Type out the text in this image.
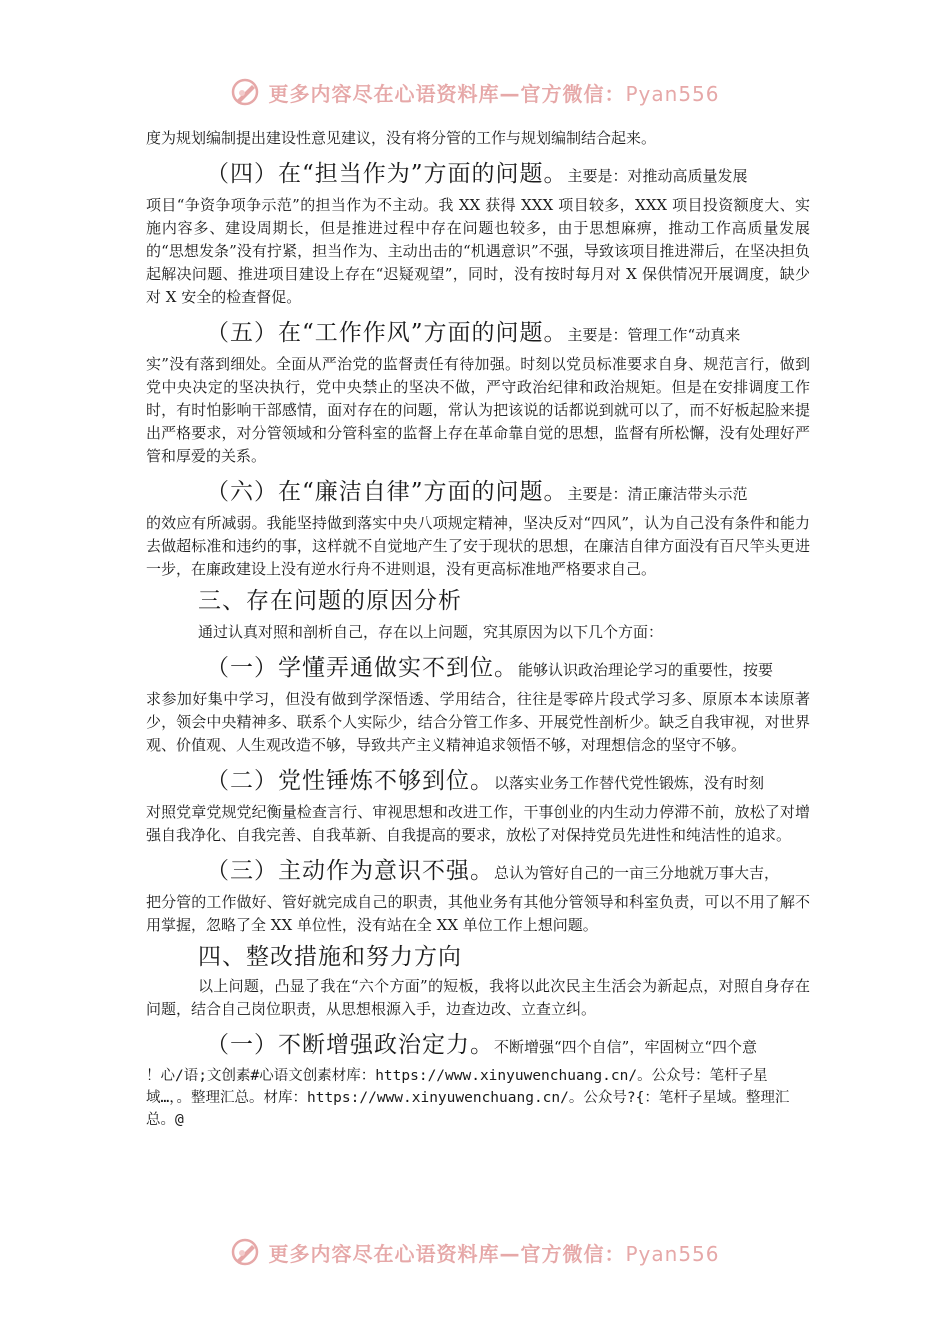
更多内容尽在心语资料库—官方微信：Pyan556

度为规划编制提出建设性意见建议，没有将分管的工作与规划编制结合起来。

（四）在“担当作为”方面的问题。主要是：对推动高质量发展

项目“争资争项争示范”的担当作为不主动。我 XX 获得 XXX 项目较多，XXX 项目投资额度大、实施内容多、建设周期长，但是推进过程中存在问题也较多，由于思想麻痹，推动工作高质量发展的“思想发条”没有拧紧，担当作为、主动出击的“机遇意识”不强，导致该项目推进滞后，在坚决担负起解决问题、推进项目建设上存在“迟疑观望”，同时，没有按时每月对 X 保供情况开展调度，缺少对 X 安全的检查督促。

（五）在“工作作风”方面的问题。主要是：管理工作“动真来

实”没有落到细处。全面从严治党的监督责任有待加强。时刻以党员标准要求自身、规范言行，做到党中央决定的坚决执行，党中央禁止的坚决不做，严守政治纪律和政治规矩。但是在安排调度工作时，有时怕影响干部感情，面对存在的问题，常认为把该说的话都说到就可以了，而不好板起脸来提出严格要求，对分管领域和分管科室的监督上存在革命靠自觉的思想，监督有所松懈，没有处理好严管和厚爱的关系。

（六）在“廉洁自律”方面的问题。主要是：清正廉洁带头示范

的效应有所减弱。我能坚持做到落实中央八项规定精神，坚决反对“四风”，认为自己没有条件和能力去做超标准和违约的事，这样就不自觉地产生了安于现状的思想，在廉洁自律方面没有百尺竿头更进一步，在廉政建设上没有逆水行舟不进则退，没有更高标准地严格要求自己。

三、存在问题的原因分析

通过认真对照和剖析自己，存在以上问题，究其原因为以下几个方面：

（一）学懂弄通做实不到位。能够认识政治理论学习的重要性，按要

求参加好集中学习，但没有做到学深悟透、学用结合，往往是零碎片段式学习多、原原本本读原著少，领会中央精神多、联系个人实际少，结合分管工作多、开展党性剖析少。缺乏自我审视，对世界观、价值观、人生观改造不够，导致共产主义精神追求领悟不够，对理想信念的坚守不够。

（二）党性锤炼不够到位。以落实业务工作替代党性锻炼，没有时刻

对照党章党规党纪衡量检查言行、审视思想和改进工作，干事创业的内生动力停滞不前，放松了对增强自我净化、自我完善、自我革新、自我提高的要求，放松了对保持党员先进性和纯洁性的追求。

（三）主动作为意识不强。总认为管好自己的一亩三分地就万事大吉，

把分管的工作做好、管好就完成自己的职责，其他业务有其他分管领导和科室负责，可以不用了解不用掌握，忽略了全 XX 单位性，没有站在全 XX 单位工作上想问题。

四、整改措施和努力方向

以上问题，凸显了我在“六个方面”的短板，我将以此次民主生活会为新起点，对照自身存在问题，结合自己岗位职责，从思想根源入手，边查边改、立查立纠。

（一）不断增强政治定力。不断增强“四个自信”，牢固树立“四个意

！心/语;文创素#心语文创素材库：https://www.xinyuwenchuang.cn/。公众号：笔杆子星域…，。整理汇总。材库：https://www.xinyuwenchuang.cn/。公众号?{：笔杆子星域。整理汇总。@

更多内容尽在心语资料库—官方微信：Pyan556
